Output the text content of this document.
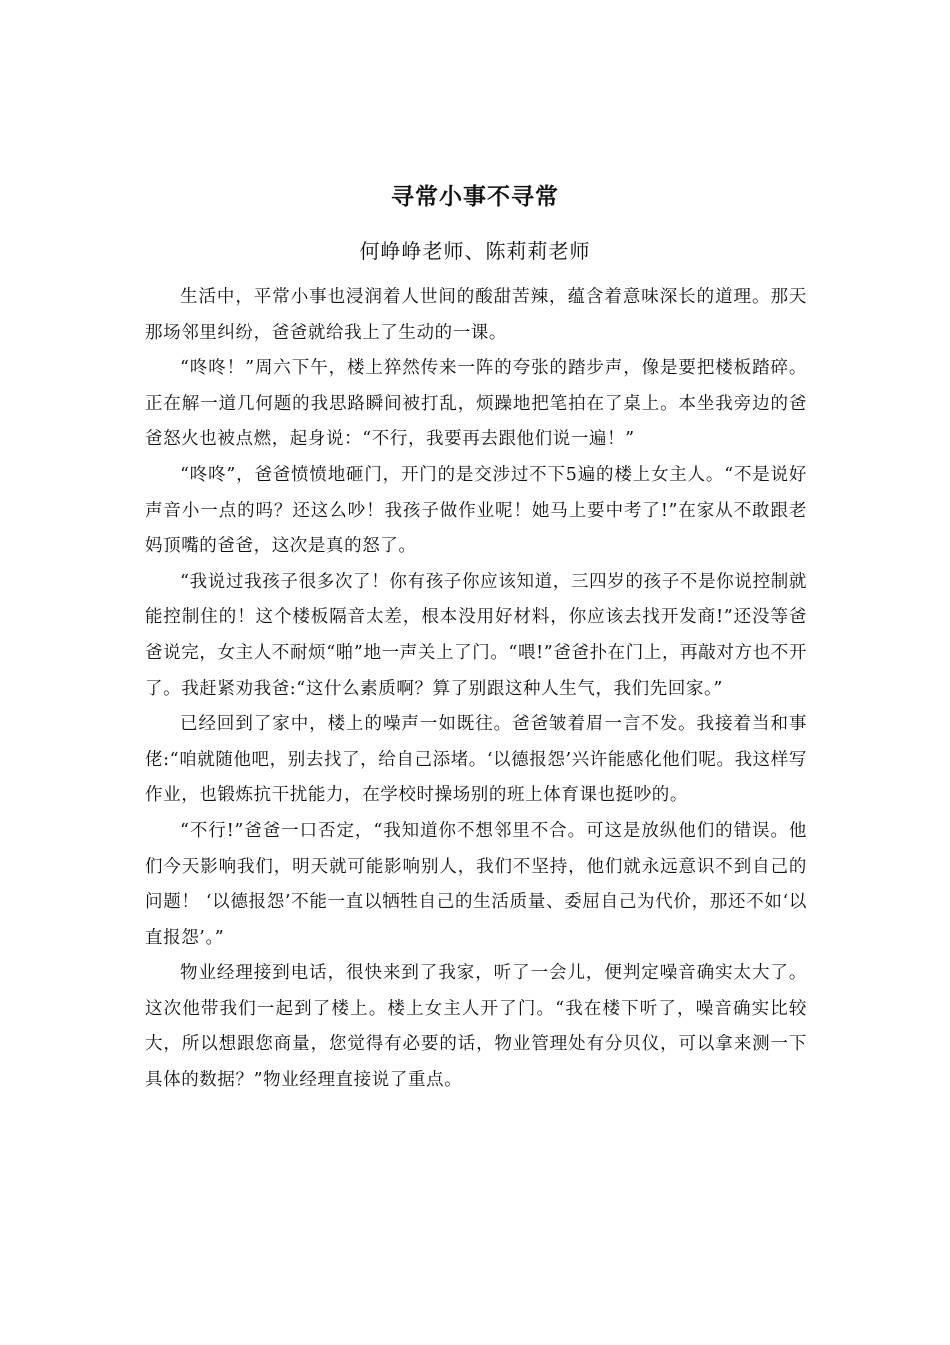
寻常小事不寻常
何峥峥老师、陈莉莉老师

生活中，平常小事也浸润着人世间的酸甜苦辣，蕴含着意味深长的道理。那天那场邻里纠纷，爸爸就给我上了生动的一课。

“咚咚！”周六下午，楼上猝然传来一阵的夸张的踏步声，像是要把楼板踏碎。正在解一道几何题的我思路瞬间被打乱，烦躁地把笔拍在了桌上。本坐我旁边的爸爸怒火也被点燃，起身说：“不行，我要再去跟他们说一遍！”

“咚咚”，爸爸愤愤地砸门，开门的是交涉过不下5遍的楼上女主人。“不是说好声音小一点的吗？还这么吵！我孩子做作业呢！她马上要中考了!”在家从不敢跟老妈顶嘴的爸爸，这次是真的怒了。

“我说过我孩子很多次了！你有孩子你应该知道，三四岁的孩子不是你说控制就能控制住的！这个楼板隔音太差，根本没用好材料，你应该去找开发商!”还没等爸爸说完，女主人不耐烦“啪”地一声关上了门。“喂!”爸爸扑在门上，再敲对方也不开了。我赶紧劝我爸:“这什么素质啊？算了别跟这种人生气，我们先回家。”

已经回到了家中，楼上的噪声一如既往。爸爸皱着眉一言不发。我接着当和事佬:“咱就随他吧，别去找了，给自己添堵。‘以德报怨’兴许能感化他们呢。我这样写作业，也锻炼抗干扰能力，在学校时操场别的班上体育课也挺吵的。

“不行!”爸爸一口否定，“我知道你不想邻里不合。可这是放纵他们的错误。他们今天影响我们，明天就可能影响别人，我们不坚持，他们就永远意识不到自己的问题！ ‘以德报怨’不能一直以牺牲自己的生活质量、委屈自己为代价，那还不如‘以直报怨’。”

物业经理接到电话，很快来到了我家，听了一会儿，便判定噪音确实太大了。这次他带我们一起到了楼上。楼上女主人开了门。“我在楼下听了，噪音确实比较大，所以想跟您商量，您觉得有必要的话，物业管理处有分贝仪，可以拿来测一下具体的数据？”物业经理直接说了重点。
